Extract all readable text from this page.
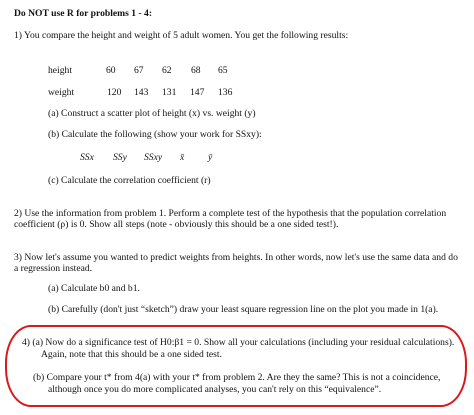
Do NOT use R for problems 1 - 4:
1) You compare the height and weight of 5 adult women. You get the following results:
height	60 67 62 68 65
weight	120 143 131 147 136
(a) Construct a scatter plot of height (x) vs. weight (y)
(b) Calculate the following (show your work for SSxy):
SSx SSy SSxy x̄ ȳ
(c) Calculate the correlation coefficient (r)
2) Use the information from problem 1. Perform a complete test of the hypothesis that the population correlation coefficient (ρ) is 0. Show all steps (note - obviously this should be a one sided test!).
3) Now let's assume you wanted to predict weights from heights. In other words, now let's use the same data and do a regression instead.
(a) Calculate b0 and b1.
(b) Carefully (don't just “sketch”) draw your least square regression line on the plot you made in 1(a).
4) (a) Now do a significance test of H0:β1 = 0. Show all your calculations (including your residual calculations).
Again, note that this should be a one sided test.
(b) Compare your t* from 4(a) with your t* from problem 2. Are they the same? This is not a coincidence,
although once you do more complicated analyses, you can't rely on this “equivalence”.
